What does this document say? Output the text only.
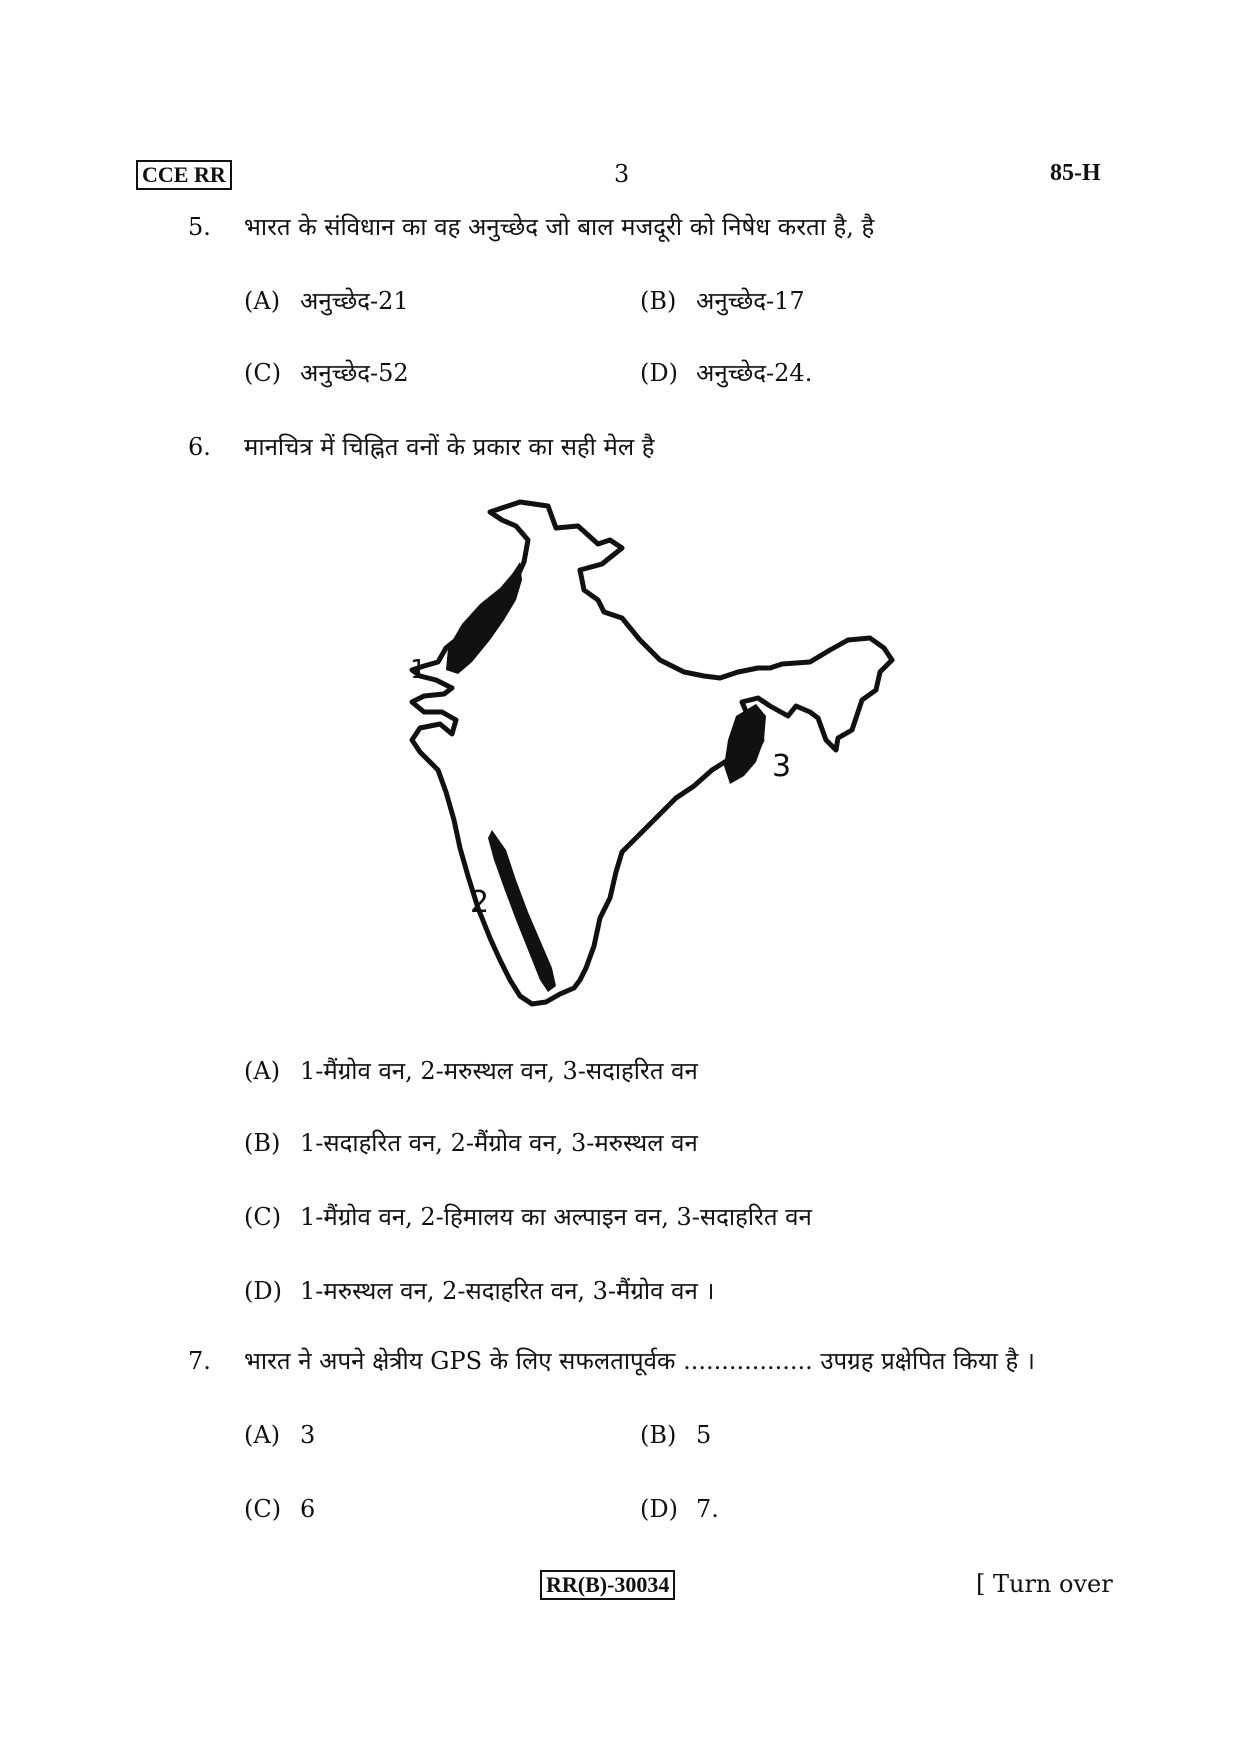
CCE RR	3	85-H
5. भारत के संविधान का वह अनुच्छेद जो बाल मजदूरी को निषेध करता है, है
(A) अनुच्छेद-21	(B) अनुच्छेद-17
(C) अनुच्छेद-52	(D) अनुच्छेद-24.
6. मानचित्र में चिह्नित वनों के प्रकार का सही मेल है
1
2
3
(A) 1-मैंग्रोव वन, 2-मरुस्थल वन, 3-सदाहरित वन
(B) 1-सदाहरित वन, 2-मैंग्रोव वन, 3-मरुस्थल वन
(C) 1-मैंग्रोव वन, 2-हिमालय का अल्पाइन वन, 3-सदाहरित वन
(D) 1-मरुस्थल वन, 2-सदाहरित वन, 3-मैंग्रोव वन ।
7. भारत ने अपने क्षेत्रीय GPS के लिए सफलतापूर्वक ................. उपग्रह प्रक्षेपित किया है ।
(A) 3	(B) 5
(C) 6	(D) 7.
RR(B)-30034	[ Turn over
